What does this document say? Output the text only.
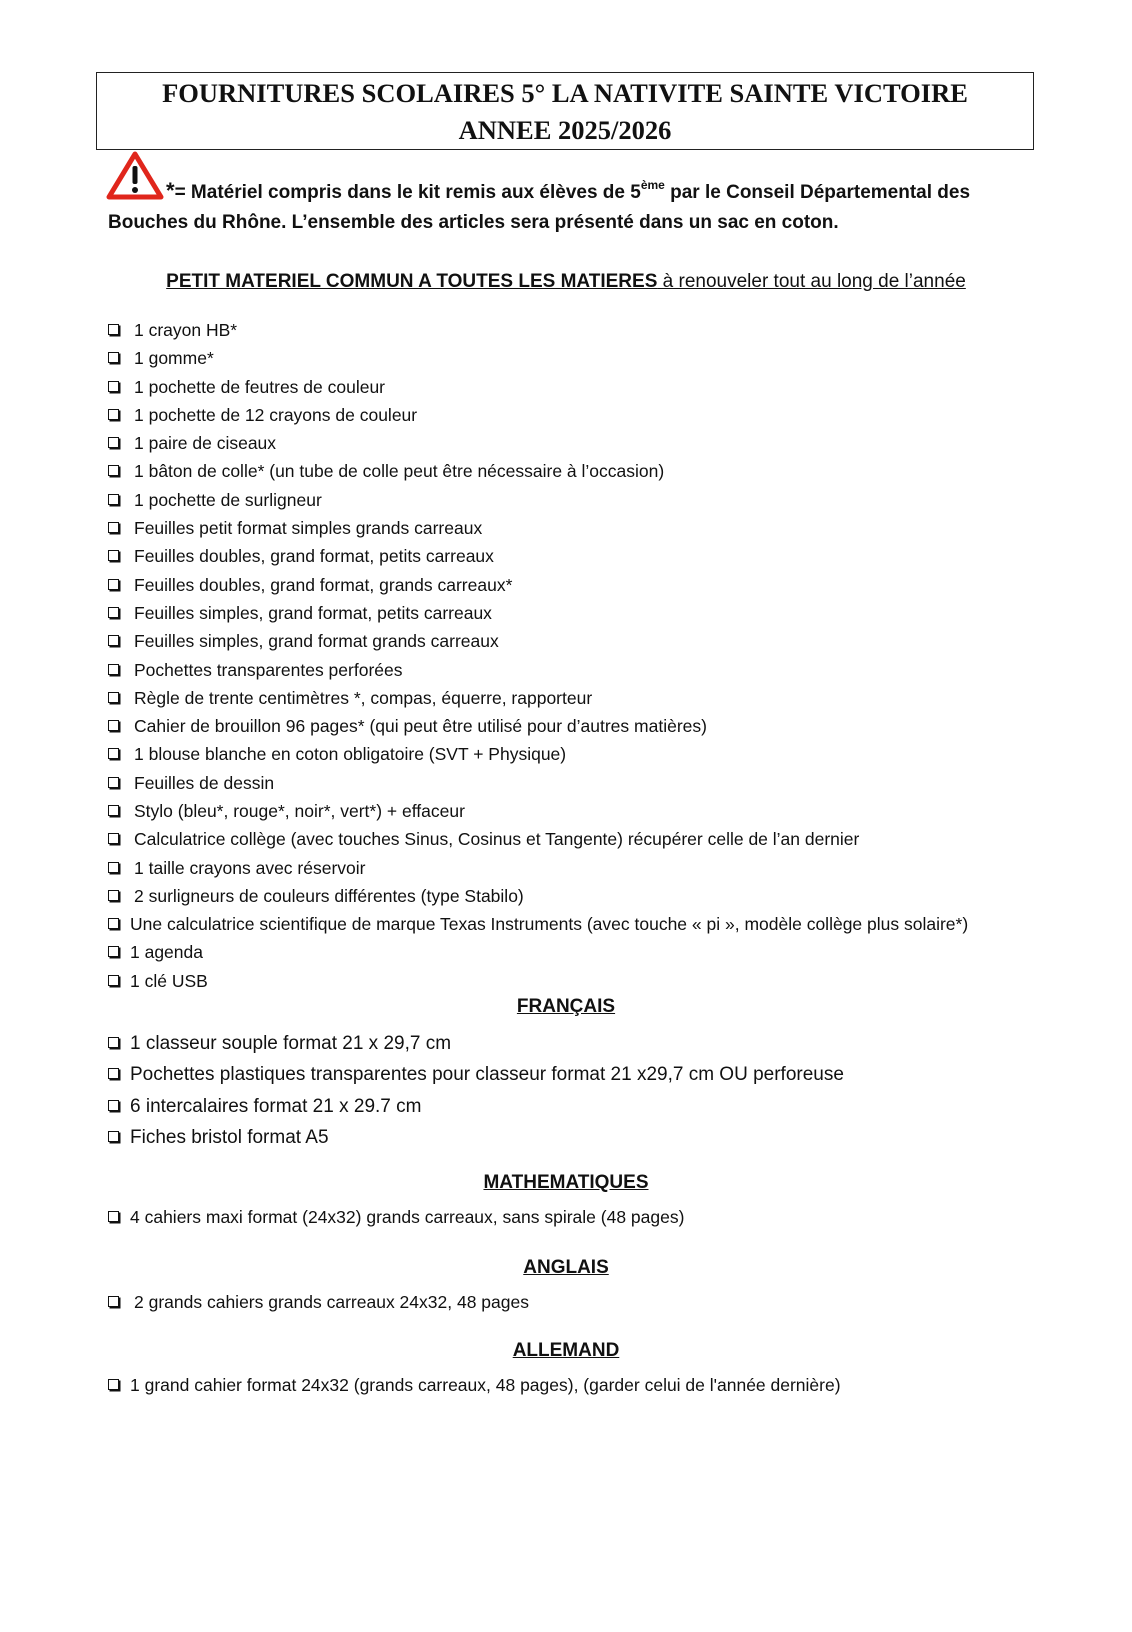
FOURNITURES SCOLAIRES 5° LA NATIVITE SAINTE VICTOIRE
ANNEE 2025/2026
*= Matériel compris dans le kit remis aux élèves de 5ème par le Conseil Départemental des
Bouches du Rhône. L’ensemble des articles sera présenté dans un sac en coton.
PETIT MATERIEL COMMUN A TOUTES LES MATIERES à renouveler tout au long de l’année
1 crayon HB*
1 gomme*
1 pochette de feutres de couleur
1 pochette de 12 crayons de couleur
1 paire de ciseaux
1 bâton de colle* (un tube de colle peut être nécessaire à l’occasion)
1 pochette de surligneur
Feuilles petit format simples grands carreaux
Feuilles doubles, grand format, petits carreaux
Feuilles doubles, grand format, grands carreaux*
Feuilles simples, grand format, petits carreaux
Feuilles simples, grand format grands carreaux
Pochettes transparentes perforées
Règle de trente centimètres *, compas, équerre, rapporteur
Cahier de brouillon 96 pages* (qui peut être utilisé pour d’autres matières)
1 blouse blanche en coton obligatoire (SVT + Physique)
Feuilles de dessin
Stylo (bleu*, rouge*, noir*, vert*) + effaceur
Calculatrice collège (avec touches Sinus, Cosinus et Tangente) récupérer celle de l’an dernier
1 taille crayons avec réservoir
2 surligneurs de couleurs différentes (type Stabilo)
Une calculatrice scientifique de marque Texas Instruments (avec touche « pi », modèle collège plus solaire*)
1 agenda
1 clé USB
FRANÇAIS
1 classeur souple format 21 x 29,7 cm
Pochettes plastiques transparentes pour classeur format 21 x29,7 cm OU perforeuse
6 intercalaires format 21 x 29.7 cm
Fiches bristol format A5
MATHEMATIQUES
4 cahiers maxi format (24x32) grands carreaux, sans spirale (48 pages)
ANGLAIS
2 grands cahiers grands carreaux 24x32, 48 pages
ALLEMAND
1 grand cahier format 24x32 (grands carreaux, 48 pages), (garder celui de l'année dernière)
